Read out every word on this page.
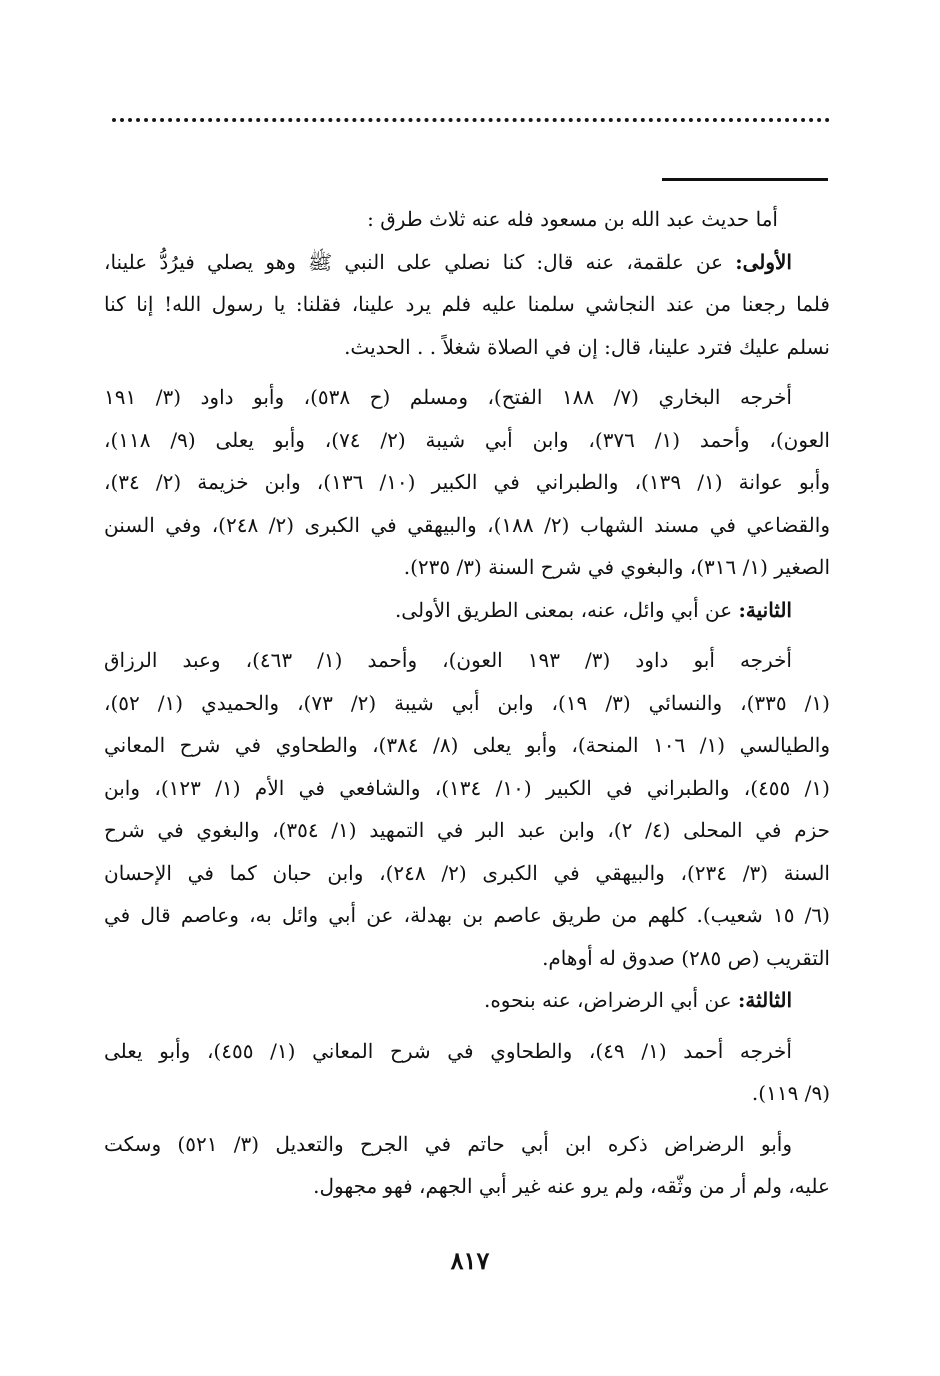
أما حديث عبد الله بن مسعود فله عنه ثلاث طرق :
الأولى: عن علقمة، عنه قال: كنا نصلي على النبي ﷺ وهو يصلي فيرُدُّ علينا،
فلما رجعنا من عند النجاشي سلمنا عليه فلم يرد علينا، فقلنا: يا رسول الله! إنا كنا
نسلم عليك فترد علينا، قال: إن في الصلاة شغلاً . . الحديث.
أخرجه البخاري (٧/ ١٨٨ الفتح)، ومسلم (ح ٥٣٨)، وأبو داود (٣/ ١٩١
العون)، وأحمد (١/ ٣٧٦)، وابن أبي شيبة (٢/ ٧٤)، وأبو يعلى (٩/ ١١٨)،
وأبو عوانة (١/ ١٣٩)، والطبراني في الكبير (١٠/ ١٣٦)، وابن خزيمة (٢/ ٣٤)،
والقضاعي في مسند الشهاب (٢/ ١٨٨)، والبيهقي في الكبرى (٢/ ٢٤٨)، وفي السنن
الصغير (١/ ٣١٦)، والبغوي في شرح السنة (٣/ ٢٣٥).
الثانية: عن أبي وائل، عنه، بمعنى الطريق الأولى.
أخرجه أبو داود (٣/ ١٩٣ العون)، وأحمد (١/ ٤٦٣)، وعبد الرزاق
(١/ ٣٣٥)، والنسائي (٣/ ١٩)، وابن أبي شيبة (٢/ ٧٣)، والحميدي (١/ ٥٢)،
والطيالسي (١/ ١٠٦ المنحة)، وأبو يعلى (٨/ ٣٨٤)، والطحاوي في شرح المعاني
(١/ ٤٥٥)، والطبراني في الكبير (١٠/ ١٣٤)، والشافعي في الأم (١/ ١٢٣)، وابن
حزم في المحلى (٤/ ٢)، وابن عبد البر في التمهيد (١/ ٣٥٤)، والبغوي في شرح
السنة (٣/ ٢٣٤)، والبيهقي في الكبرى (٢/ ٢٤٨)، وابن حبان كما في الإحسان
(٦/ ١٥ شعيب). كلهم من طريق عاصم بن بهدلة، عن أبي وائل به، وعاصم قال في
التقريب (ص ٢٨٥) صدوق له أوهام.
الثالثة: عن أبي الرضراض، عنه بنحوه.
أخرجه أحمد (١/ ٤٩)، والطحاوي في شرح المعاني (١/ ٤٥٥)، وأبو يعلى
(٩/ ١١٩).
وأبو الرضراض ذكره ابن أبي حاتم في الجرح والتعديل (٣/ ٥٢١) وسكت
عليه، ولم أر من وثّقه، ولم يرو عنه غير أبي الجهم، فهو مجهول.
٨١٧
